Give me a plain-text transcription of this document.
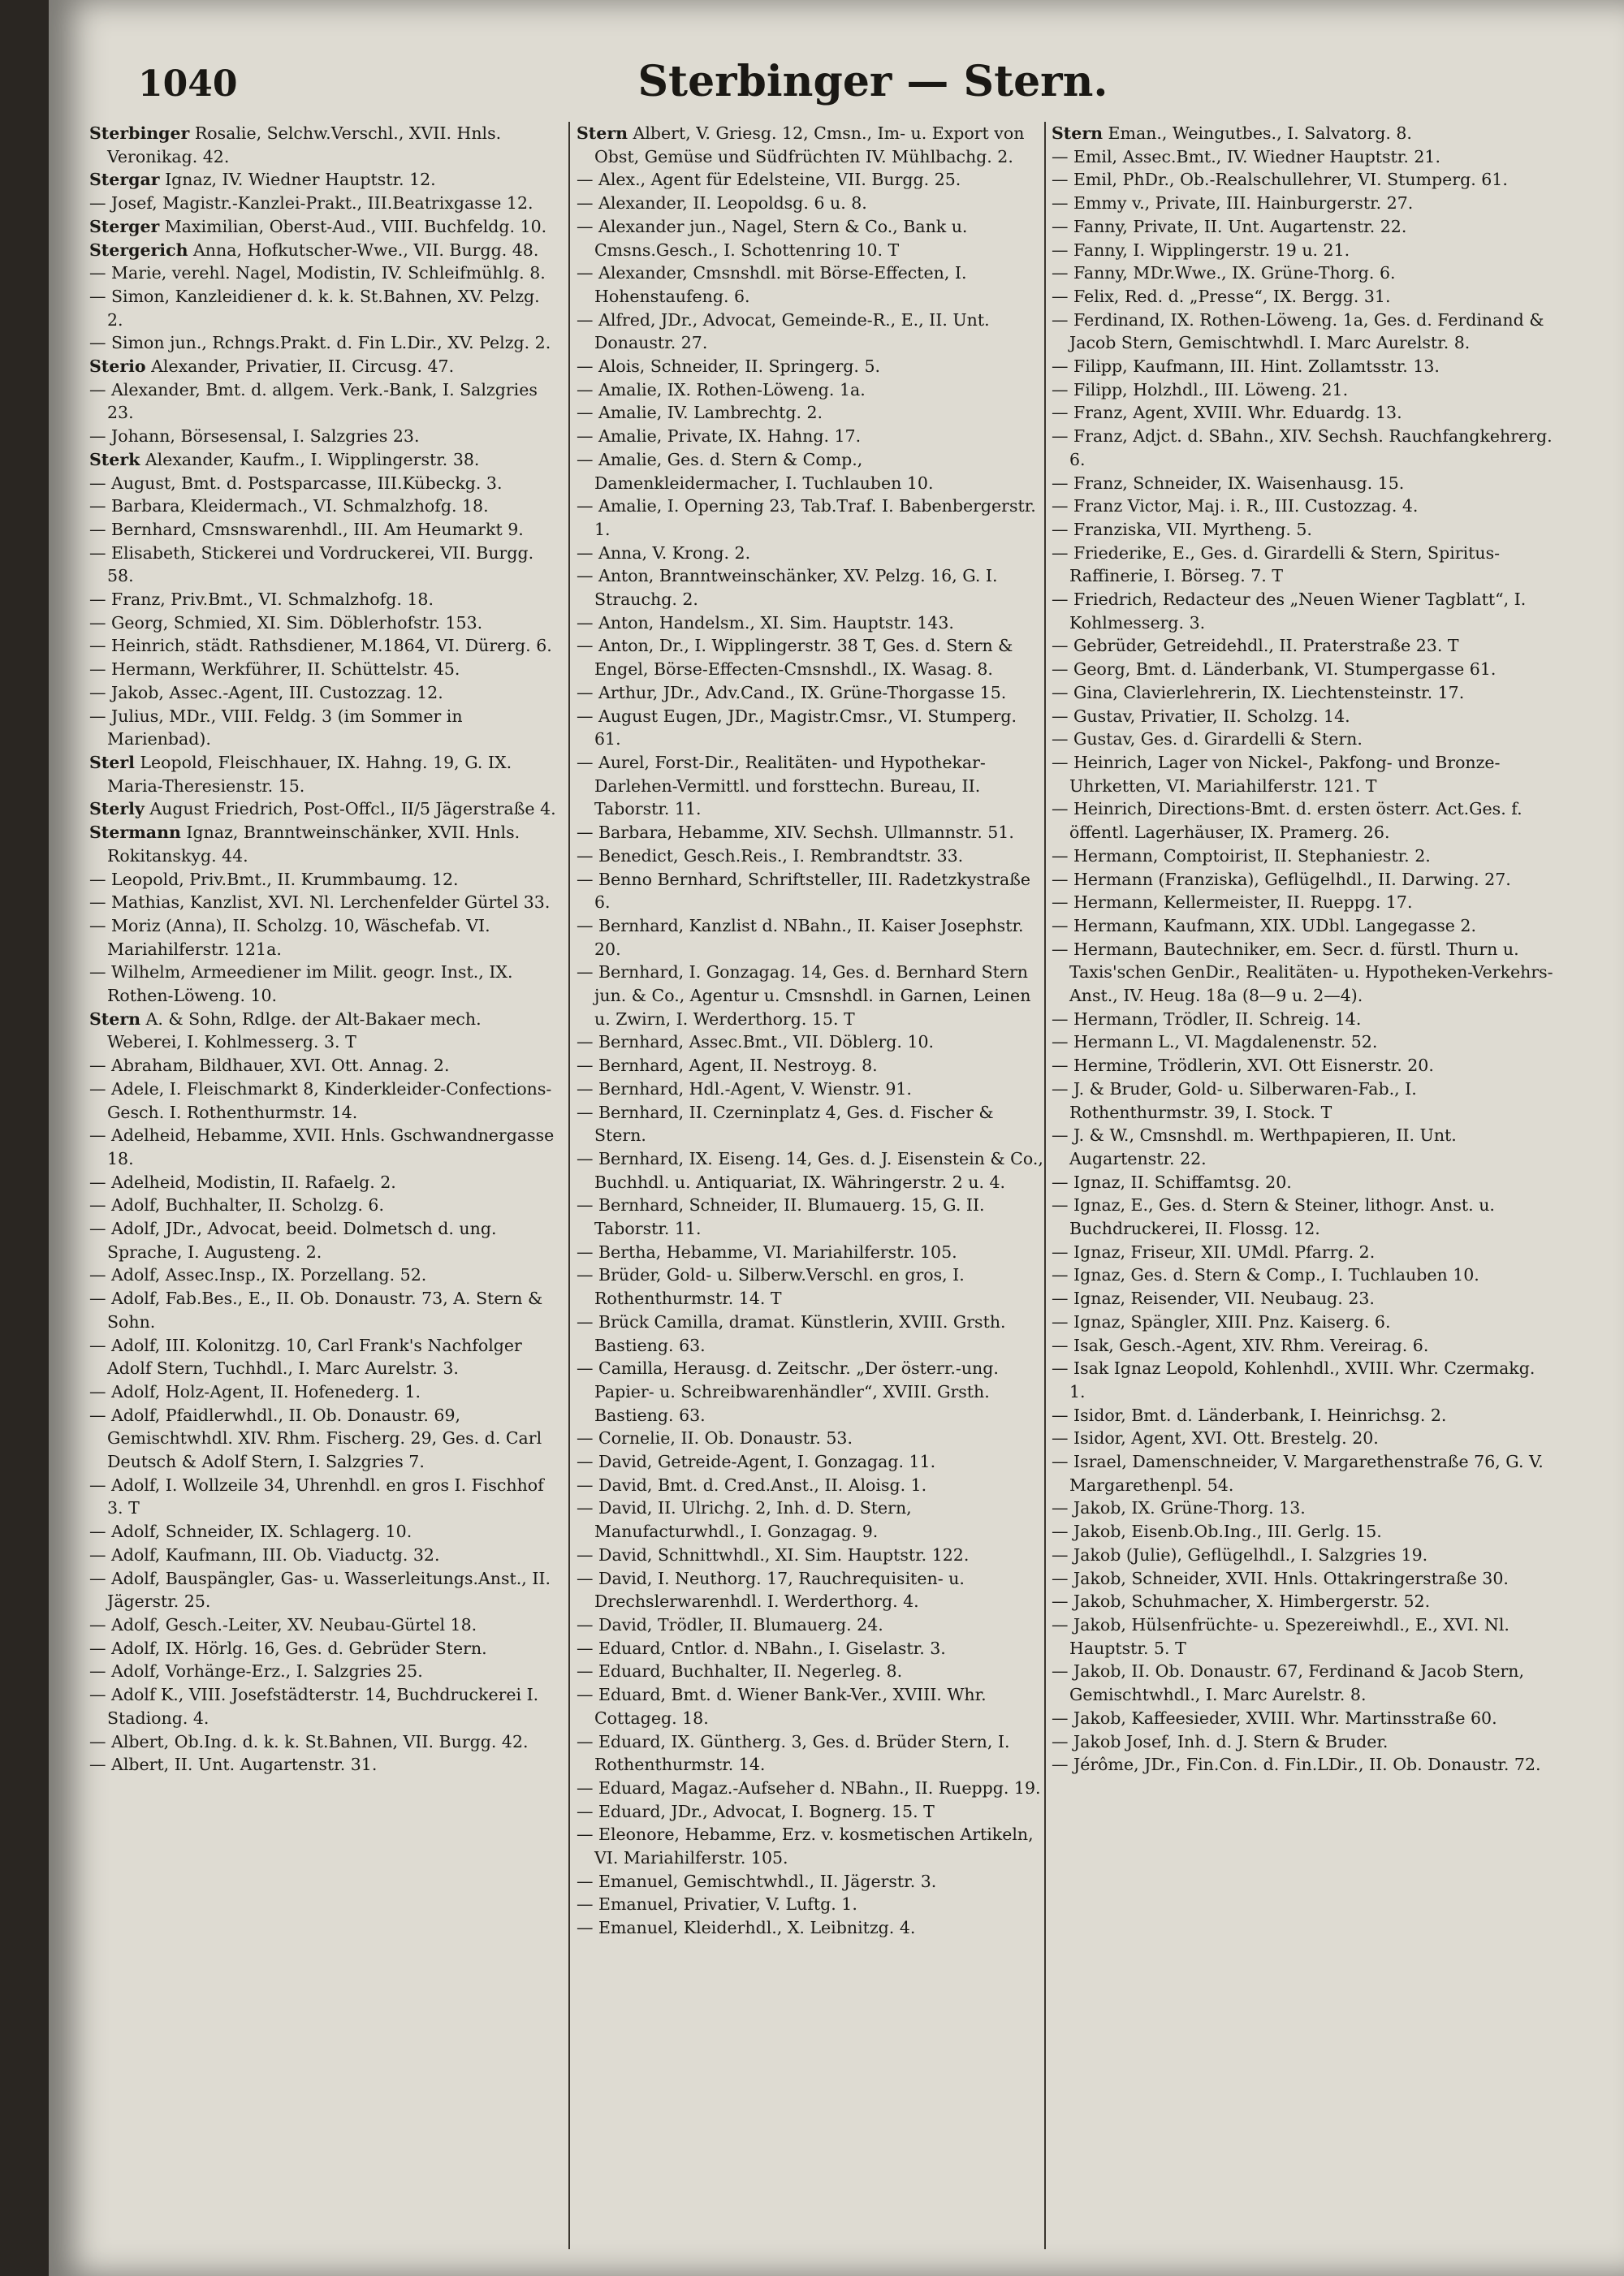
1040	Sterbinger — Stern.

Sterbinger Rosalie, Selchw.Verschl., XVII. Hnls. Veronikag. 42.

Stergar Ignaz, IV. Wiedner Hauptstr. 12.

— Josef, Magistr.-Kanzlei-Prakt., III.Beatrixgasse 12.

Sterger Maximilian, Oberst-Aud., VIII. Buchfeldg. 10.

Stergerich Anna, Hofkutscher-Wwe., VII. Burgg. 48.

— Marie, verehl. Nagel, Modistin, IV. Schleifmühlg. 8.

— Simon, Kanzleidiener d. k. k. St.Bahnen, XV. Pelzg. 2.

— Simon jun., Rchngs.Prakt. d. Fin L.Dir., XV. Pelzg. 2.

Sterio Alexander, Privatier, II. Circusg. 47.

— Alexander, Bmt. d. allgem. Verk.-Bank, I. Salzgries 23.

— Johann, Börsesensal, I. Salzgries 23.

Sterk Alexander, Kaufm., I. Wipplingerstr. 38.

— August, Bmt. d. Postsparcasse, III.Kübeckg. 3.

— Barbara, Kleidermach., VI. Schmalzhofg. 18.

— Bernhard, Cmsnswarenhdl., III. Am Heumarkt 9.

— Elisabeth, Stickerei und Vordruckerei, VII. Burgg. 58.

— Franz, Priv.Bmt., VI. Schmalzhofg. 18.

— Georg, Schmied, XI. Sim. Döblerhofstr. 153.

— Heinrich, städt. Rathsdiener, M.1864, VI. Dürerg. 6.

— Hermann, Werkführer, II. Schüttelstr. 45.

— Jakob, Assec.-Agent, III. Custozzag. 12.

— Julius, MDr., VIII. Feldg. 3 (im Sommer in Marienbad).

Sterl Leopold, Fleischhauer, IX. Hahng. 19, G. IX. Maria-Theresienstr. 15.

Sterly August Friedrich, Post-Offcl., II/5 Jägerstraße 4.

Stermann Ignaz, Branntweinschänker, XVII. Hnls. Rokitanskyg. 44.

— Leopold, Priv.Bmt., II. Krummbaumg. 12.

— Mathias, Kanzlist, XVI. Nl. Lerchenfelder Gürtel 33.

— Moriz (Anna), II. Scholzg. 10, Wäschefab. VI. Mariahilferstr. 121a.

— Wilhelm, Armeediener im Milit. geogr. Inst., IX. Rothen-Löweng. 10.

Stern A. & Sohn, Rdlge. der Alt-Bakaer mech. Weberei, I. Kohlmesserg. 3. T

— Abraham, Bildhauer, XVI. Ott. Annag. 2.

— Adele, I. Fleischmarkt 8, Kinderkleider-Confections-Gesch. I. Rothenthurmstr. 14.

— Adelheid, Hebamme, XVII. Hnls. Gschwandnergasse 18.

— Adelheid, Modistin, II. Rafaelg. 2.

— Adolf, Buchhalter, II. Scholzg. 6.

— Adolf, JDr., Advocat, beeid. Dolmetsch d. ung. Sprache, I. Augusteng. 2.

— Adolf, Assec.Insp., IX. Porzellang. 52.

— Adolf, Fab.Bes., E., II. Ob. Donaustr. 73, A. Stern & Sohn.

— Adolf, III. Kolonitzg. 10, Carl Frank's Nachfolger Adolf Stern, Tuchhdl., I. Marc Aurelstr. 3.

— Adolf, Holz-Agent, II. Hofenederg. 1.

— Adolf, Pfaidlerwhdl., II. Ob. Donaustr. 69, Gemischtwhdl. XIV. Rhm. Fischerg. 29, Ges. d. Carl Deutsch & Adolf Stern, I. Salzgries 7.

— Adolf, I. Wollzeile 34, Uhrenhdl. en gros I. Fischhof 3. T

— Adolf, Schneider, IX. Schlagerg. 10.

— Adolf, Kaufmann, III. Ob. Viaductg. 32.

— Adolf, Bauspängler, Gas- u. Wasserleitungs.Anst., II. Jägerstr. 25.

— Adolf, Gesch.-Leiter, XV. Neubau-Gürtel 18.

— Adolf, IX. Hörlg. 16, Ges. d. Gebrüder Stern.

— Adolf, Vorhänge-Erz., I. Salzgries 25.

— Adolf K., VIII. Josefstädterstr. 14, Buchdruckerei I. Stadiong. 4.

— Albert, Ob.Ing. d. k. k. St.Bahnen, VII. Burgg. 42.

— Albert, II. Unt. Augartenstr. 31.

Stern Albert, V. Griesg. 12, Cmsn., Im- u. Export von Obst, Gemüse und Südfrüchten IV. Mühlbachg. 2.

— Alex., Agent für Edelsteine, VII. Burgg. 25.

— Alexander, II. Leopoldsg. 6 u. 8.

— Alexander jun., Nagel, Stern & Co., Bank u. Cmsns.Gesch., I. Schottenring 10. T

— Alexander, Cmsnshdl. mit Börse-Effecten, I. Hohenstaufeng. 6.

— Alfred, JDr., Advocat, Gemeinde-R., E., II. Unt. Donaustr. 27.

— Alois, Schneider, II. Springerg. 5.

— Amalie, IX. Rothen-Löweng. 1a.

— Amalie, IV. Lambrechtg. 2.

— Amalie, Private, IX. Hahng. 17.

— Amalie, Ges. d. Stern & Comp., Damenkleidermacher, I. Tuchlauben 10.

— Amalie, I. Operning 23, Tab.Traf. I. Babenbergerstr. 1.

— Anna, V. Krong. 2.

— Anton, Branntweinschänker, XV. Pelzg. 16, G. I. Strauchg. 2.

— Anton, Handelsm., XI. Sim. Hauptstr. 143.

— Anton, Dr., I. Wipplingerstr. 38 T, Ges. d. Stern & Engel, Börse-Effecten-Cmsnshdl., IX. Wasag. 8.

— Arthur, JDr., Adv.Cand., IX. Grüne-Thorgasse 15.

— August Eugen, JDr., Magistr.Cmsr., VI. Stumperg. 61.

— Aurel, Forst-Dir., Realitäten- und Hypothekar-Darlehen-Vermittl. und forsttechn. Bureau, II. Taborstr. 11.

— Barbara, Hebamme, XIV. Sechsh. Ullmannstr. 51.

— Benedict, Gesch.Reis., I. Rembrandtstr. 33.

— Benno Bernhard, Schriftsteller, III. Radetzkystraße 6.

— Bernhard, Kanzlist d. NBahn., II. Kaiser Josephstr. 20.

— Bernhard, I. Gonzagag. 14, Ges. d. Bernhard Stern jun. & Co., Agentur u. Cmsnshdl. in Garnen, Leinen u. Zwirn, I. Werderthorg. 15. T

— Bernhard, Assec.Bmt., VII. Döblerg. 10.

— Bernhard, Agent, II. Nestroyg. 8.

— Bernhard, Hdl.-Agent, V. Wienstr. 91.

— Bernhard, II. Czerninplatz 4, Ges. d. Fischer & Stern.

— Bernhard, IX. Eiseng. 14, Ges. d. J. Eisenstein & Co., Buchhdl. u. Antiquariat, IX. Währingerstr. 2 u. 4.

— Bernhard, Schneider, II. Blumauerg. 15, G. II. Taborstr. 11.

— Bertha, Hebamme, VI. Mariahilferstr. 105.

— Brüder, Gold- u. Silberw.Verschl. en gros, I. Rothenthurmstr. 14. T

— Brück Camilla, dramat. Künstlerin, XVIII. Grsth. Bastieng. 63.

— Camilla, Herausg. d. Zeitschr. „Der österr.-ung. Papier- u. Schreibwarenhändler“, XVIII. Grsth. Bastieng. 63.

— Cornelie, II. Ob. Donaustr. 53.

— David, Getreide-Agent, I. Gonzagag. 11.

— David, Bmt. d. Cred.Anst., II. Aloisg. 1.

— David, II. Ulrichg. 2, Inh. d. D. Stern, Manufacturwhdl., I. Gonzagag. 9.

— David, Schnittwhdl., XI. Sim. Hauptstr. 122.

— David, I. Neuthorg. 17, Rauchrequisiten- u. Drechslerwarenhdl. I. Werderthorg. 4.

— David, Trödler, II. Blumauerg. 24.

— Eduard, Cntlor. d. NBahn., I. Giselastr. 3.

— Eduard, Buchhalter, II. Negerleg. 8.

— Eduard, Bmt. d. Wiener Bank-Ver., XVIII. Whr. Cottageg. 18.

— Eduard, IX. Güntherg. 3, Ges. d. Brüder Stern, I. Rothenthurmstr. 14.

— Eduard, Magaz.-Aufseher d. NBahn., II. Rueppg. 19.

— Eduard, JDr., Advocat, I. Bognerg. 15. T

— Eleonore, Hebamme, Erz. v. kosmetischen Artikeln, VI. Mariahilferstr. 105.

— Emanuel, Gemischtwhdl., II. Jägerstr. 3.

— Emanuel, Privatier, V. Luftg. 1.

— Emanuel, Kleiderhdl., X. Leibnitzg. 4.

Stern Eman., Weingutbes., I. Salvatorg. 8.

— Emil, Assec.Bmt., IV. Wiedner Hauptstr. 21.

— Emil, PhDr., Ob.-Realschullehrer, VI. Stumperg. 61.

— Emmy v., Private, III. Hainburgerstr. 27.

— Fanny, Private, II. Unt. Augartenstr. 22.

— Fanny, I. Wipplingerstr. 19 u. 21.

— Fanny, MDr.Wwe., IX. Grüne-Thorg. 6.

— Felix, Red. d. „Presse“, IX. Bergg. 31.

— Ferdinand, IX. Rothen-Löweng. 1a, Ges. d. Ferdinand & Jacob Stern, Gemischtwhdl. I. Marc Aurelstr. 8.

— Filipp, Kaufmann, III. Hint. Zollamtsstr. 13.

— Filipp, Holzhdl., III. Löweng. 21.

— Franz, Agent, XVIII. Whr. Eduardg. 13.

— Franz, Adjct. d. SBahn., XIV. Sechsh. Rauchfangkehrerg. 6.

— Franz, Schneider, IX. Waisenhausg. 15.

— Franz Victor, Maj. i. R., III. Custozzag. 4.

— Franziska, VII. Myrtheng. 5.

— Friederike, E., Ges. d. Girardelli & Stern, Spiritus-Raffinerie, I. Börseg. 7. T

— Friedrich, Redacteur des „Neuen Wiener Tagblatt“, I. Kohlmesserg. 3.

— Gebrüder, Getreidehdl., II. Praterstraße 23. T

— Georg, Bmt. d. Länderbank, VI. Stumpergasse 61.

— Gina, Clavierlehrerin, IX. Liechtensteinstr. 17.

— Gustav, Privatier, II. Scholzg. 14.

— Gustav, Ges. d. Girardelli & Stern.

— Heinrich, Lager von Nickel-, Pakfong- und Bronze-Uhrketten, VI. Mariahilferstr. 121. T

— Heinrich, Directions-Bmt. d. ersten österr. Act.Ges. f. öffentl. Lagerhäuser, IX. Pramerg. 26.

— Hermann, Comptoirist, II. Stephaniestr. 2.

— Hermann (Franziska), Geflügelhdl., II. Darwing. 27.

— Hermann, Kellermeister, II. Rueppg. 17.

— Hermann, Kaufmann, XIX. UDbl. Langegasse 2.

— Hermann, Bautechniker, em. Secr. d. fürstl. Thurn u. Taxis'schen GenDir., Realitäten- u. Hypotheken-Verkehrs-Anst., IV. Heug. 18a (8—9 u. 2—4).

— Hermann, Trödler, II. Schreig. 14.

— Hermann L., VI. Magdalenenstr. 52.

— Hermine, Trödlerin, XVI. Ott Eisnerstr. 20.

— J. & Bruder, Gold- u. Silberwaren-Fab., I. Rothenthurmstr. 39, I. Stock. T

— J. & W., Cmsnshdl. m. Werthpapieren, II. Unt. Augartenstr. 22.

— Ignaz, II. Schiffamtsg. 20.

— Ignaz, E., Ges. d. Stern & Steiner, lithogr. Anst. u. Buchdruckerei, II. Flossg. 12.

— Ignaz, Friseur, XII. UMdl. Pfarrg. 2.

— Ignaz, Ges. d. Stern & Comp., I. Tuchlauben 10.

— Ignaz, Reisender, VII. Neubaug. 23.

— Ignaz, Spängler, XIII. Pnz. Kaiserg. 6.

— Isak, Gesch.-Agent, XIV. Rhm. Vereirag. 6.

— Isak Ignaz Leopold, Kohlenhdl., XVIII. Whr. Czermakg. 1.

— Isidor, Bmt. d. Länderbank, I. Heinrichsg. 2.

— Isidor, Agent, XVI. Ott. Brestelg. 20.

— Israel, Damenschneider, V. Margarethenstraße 76, G. V. Margarethenpl. 54.

— Jakob, IX. Grüne-Thorg. 13.

— Jakob, Eisenb.Ob.Ing., III. Gerlg. 15.

— Jakob (Julie), Geflügelhdl., I. Salzgries 19.

— Jakob, Schneider, XVII. Hnls. Ottakringerstraße 30.

— Jakob, Schuhmacher, X. Himbergerstr. 52.

— Jakob, Hülsenfrüchte- u. Spezereiwhdl., E., XVI. Nl. Hauptstr. 5. T

— Jakob, II. Ob. Donaustr. 67, Ferdinand & Jacob Stern, Gemischtwhdl., I. Marc Aurelstr. 8.

— Jakob, Kaffeesieder, XVIII. Whr. Martinsstraße 60.

— Jakob Josef, Inh. d. J. Stern & Bruder.

— Jérôme, JDr., Fin.Con. d. Fin.LDir., II. Ob. Donaustr. 72.
